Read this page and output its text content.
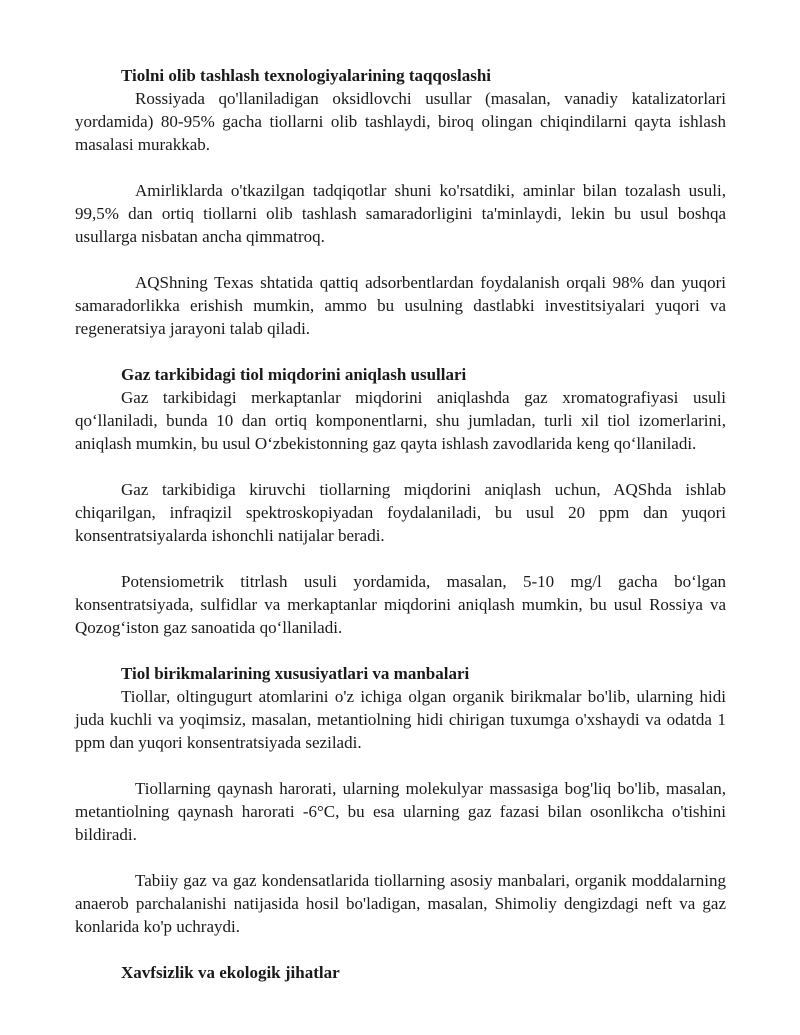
Tiolni olib tashlash texnologiyalarining taqqoslashi

Rossiyada qo'llaniladigan oksidlovchi usullar (masalan, vanadiy katalizatorlari yordamida) 80-95% gacha tiollarni olib tashlaydi, biroq olingan chiqindilarni qayta ishlash masalasi murakkab.

Amirliklarda o'tkazilgan tadqiqotlar shuni ko'rsatdiki, aminlar bilan tozalash usuli, 99,5% dan ortiq tiollarni olib tashlash samaradorligini ta'minlaydi, lekin bu usul boshqa usullarga nisbatan ancha qimmatroq.

AQShning Texas shtatida qattiq adsorbentlardan foydalanish orqali 98% dan yuqori samaradorlikka erishish mumkin, ammo bu usulning dastlabki investitsiyalari yuqori va regeneratsiya jarayoni talab qiladi.

Gaz tarkibidagi tiol miqdorini aniqlash usullari

Gaz tarkibidagi merkaptanlar miqdorini aniqlashda gaz xromatografiyasi usuli qo‘llaniladi, bunda 10 dan ortiq komponentlarni, shu jumladan, turli xil tiol izomerlarini, aniqlash mumkin, bu usul O‘zbekistonning gaz qayta ishlash zavodlarida keng qo‘llaniladi.

Gaz tarkibidiga kiruvchi tiollarning miqdorini aniqlash uchun, AQShda ishlab chiqarilgan, infraqizil spektroskopiyadan foydalaniladi, bu usul 20 ppm dan yuqori konsentratsiyalarda ishonchli natijalar beradi.

Potensiometrik titrlash usuli yordamida, masalan, 5-10 mg/l gacha bo‘lgan konsentratsiyada, sulfidlar va merkaptanlar miqdorini aniqlash mumkin, bu usul Rossiya va Qozog‘iston gaz sanoatida qo‘llaniladi.

Tiol birikmalarining xususiyatlari va manbalari

Tiollar, oltingugurt atomlarini o'z ichiga olgan organik birikmalar bo'lib, ularning hidi juda kuchli va yoqimsiz, masalan, metantiolning hidi chirigan tuxumga o'xshaydi va odatda 1 ppm dan yuqori konsentratsiyada seziladi.

Tiollarning qaynash harorati, ularning molekulyar massasiga bog'liq bo'lib, masalan, metantiolning qaynash harorati -6°C, bu esa ularning gaz fazasi bilan osonlikcha o'tishini bildiradi.

Tabiiy gaz va gaz kondensatlarida tiollarning asosiy manbalari, organik moddalarning anaerob parchalanishi natijasida hosil bo'ladigan, masalan, Shimoliy dengizdagi neft va gaz konlarida ko'p uchraydi.

Xavfsizlik va ekologik jihatlar
